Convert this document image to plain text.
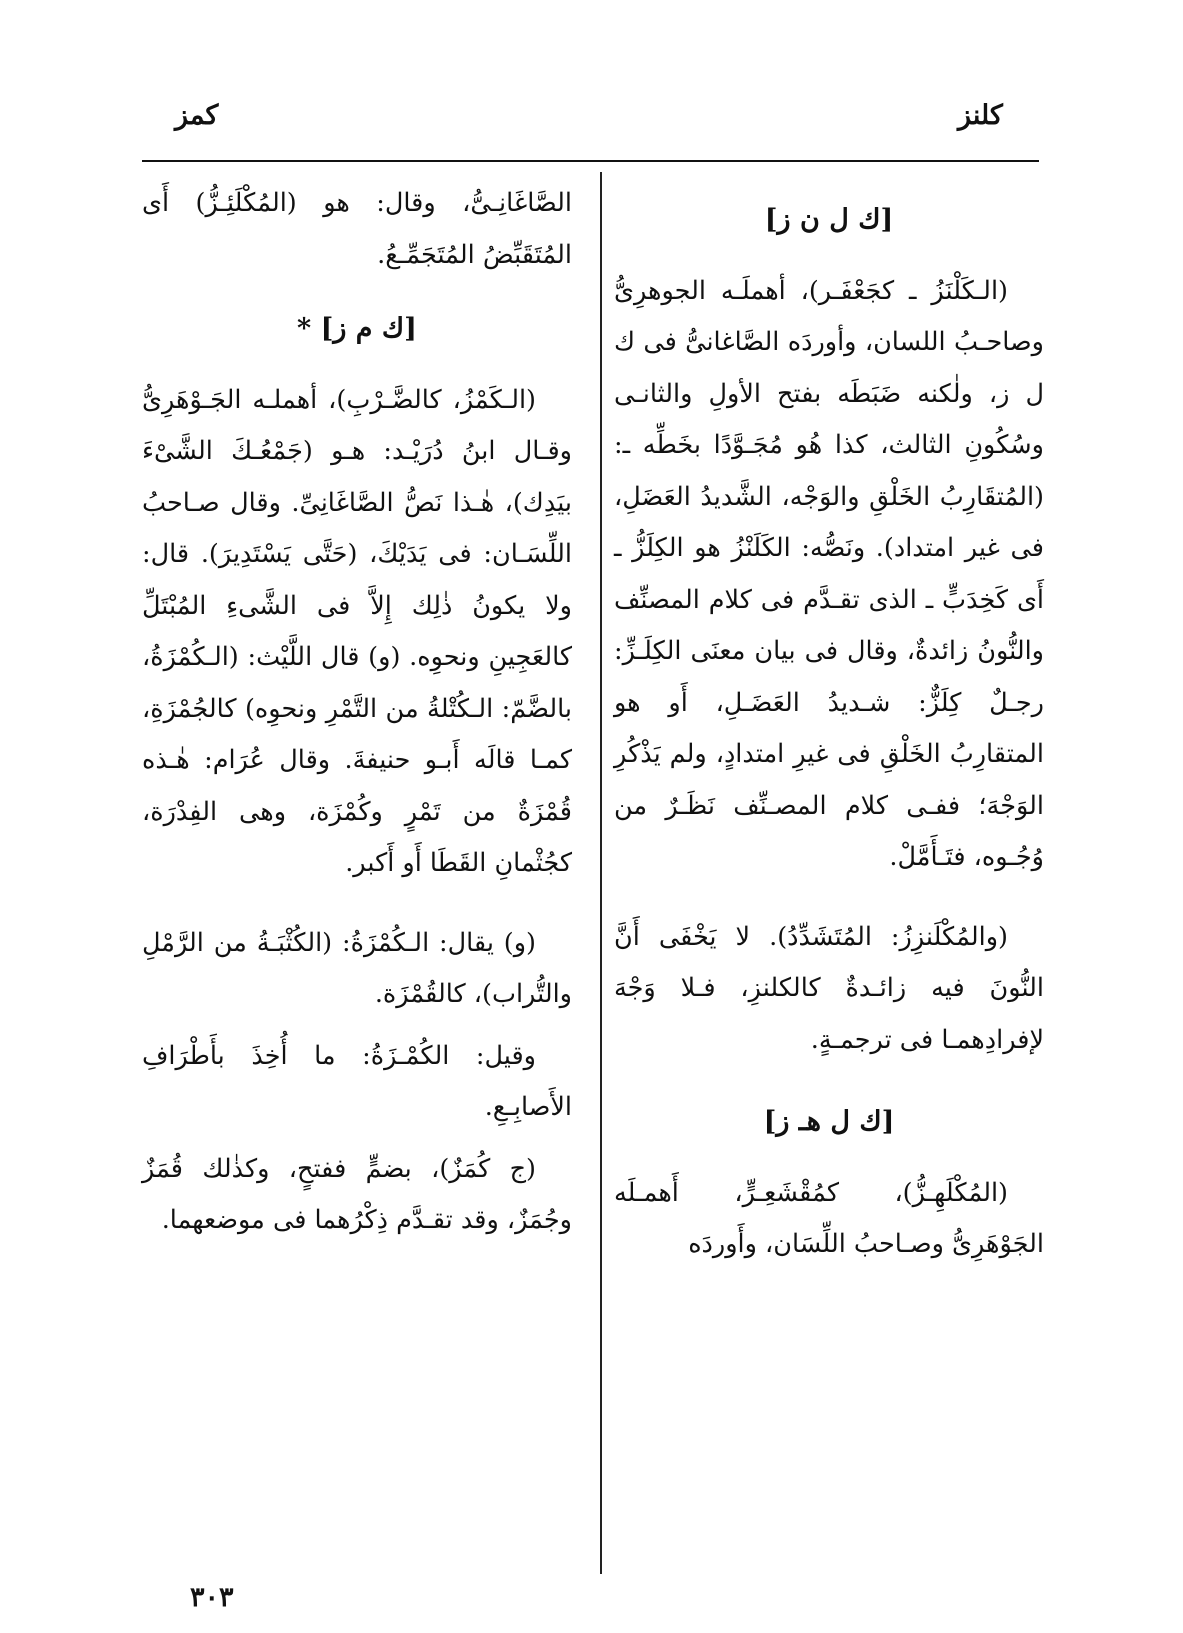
كلنز
كمز
[ك ل ن ز]

(الـكَلْنَزُ ـ كجَعْفَـر)، أهملَـه الجوهرِىُّ وصاحـبُ اللسان، وأوردَه الصَّاغانىُّ فى ك ل ز، ولٰكنه ضَبَطَه بفتح الأولِ والثانـى وسُكُونِ الثالث، كذا هُو مُجَـوَّدًا بخَطِّه ـ: (المُتقَارِبُ الخَلْقِ والوَجْه، الشَّديدُ العَضَلِ، فى غير امتداد). ونَصُّه: الكَلَنْزُ هو الكِلَزُّ ـ أَى كَخِدَبٍّ ـ الذى تقـدَّم فى كلام المصنِّف والنُّونُ زائدةٌ، وقال فى بيان معنَى الكِلَـزِّ: رجـلٌ كِلَزٌّ: شـديدُ العَضَـلِ، أَو هو المتقارِبُ الخَلْقِ فى غيرِ امتدادٍ، ولم يَذْكُرِ الوَجْهَ؛ ففـى كلام المصـنِّف نَظَـرٌ من وُجُـوه، فتَـأَمَّلْ.

(والمُكْلَنزِزُ: المُتَشَدِّدُ). لا يَخْفَى أَنَّ النُّونَ فيه زائـدةٌ كالكلنزِ، فـلا وَجْهَ لإفرادِهمـا فى ترجمـةٍ.

[ك ل هـ ز]

(المُكْلَهِـزُّ)، كمُقْشَعِـرٍّ، أَهمـلَه الجَوْهَرِىُّ وصـاحبُ اللِّسَان، وأَوردَه

الصَّاغَانِـىُّ، وقال: هو (المُكْلَئِـزُّ) أَى المُتَقَبِّضُ المُتَجَمِّـعُ.

[ك م ز] *

(الـكَمْزُ، كالضَّـرْبِ)، أهملـه الجَـوْهَرِىُّ وقـال ابنُ دُرَيْـد: هـو (جَمْعُـكَ الشَّىْءَ بيَدِك)، هٰـذا نَصُّ الصَّاغَانِىِّ. وقال صـاحبُ اللِّسَـان: فى يَدَيْكَ، (حَتَّى يَسْتَدِيرَ). قال: ولا يكونُ ذٰلِك إِلاَّ فى الشَّىءِ المُبْتَلِّ كالعَجِينِ ونحوِه. (و) قال اللَّيْث: (الـكُمْزَةُ، بالضَّمّ: الـكُتْلةُ من التَّمْرِ ونحوِه) كالجُمْزَةِ، كمـا قالَه أَبـو حنيفةَ. وقال عُرَام: هٰـذه قُمْزَةٌ من تَمْرٍ وكُمْزَة، وهى الفِدْرَة، كجُثْمانِ القَطَا أَو أَكبر.

(و) يقال: الـكُمْزَةُ: (الكُثْبَـةُ من الرَّمْلِ والتُّراب)، كالقُمْزَة.

وقيل: الكُمْـزَةُ: ما أُخِذَ بأَطْرَافِ الأَصابِـعِ.

(ج كُمَزٌ)، بضمٍّ ففتحٍ، وكذٰلك قُمَزٌ وجُمَزٌ، وقد تقـدَّم ذِكْرُهما فى موضعهما.

٣٠٣
